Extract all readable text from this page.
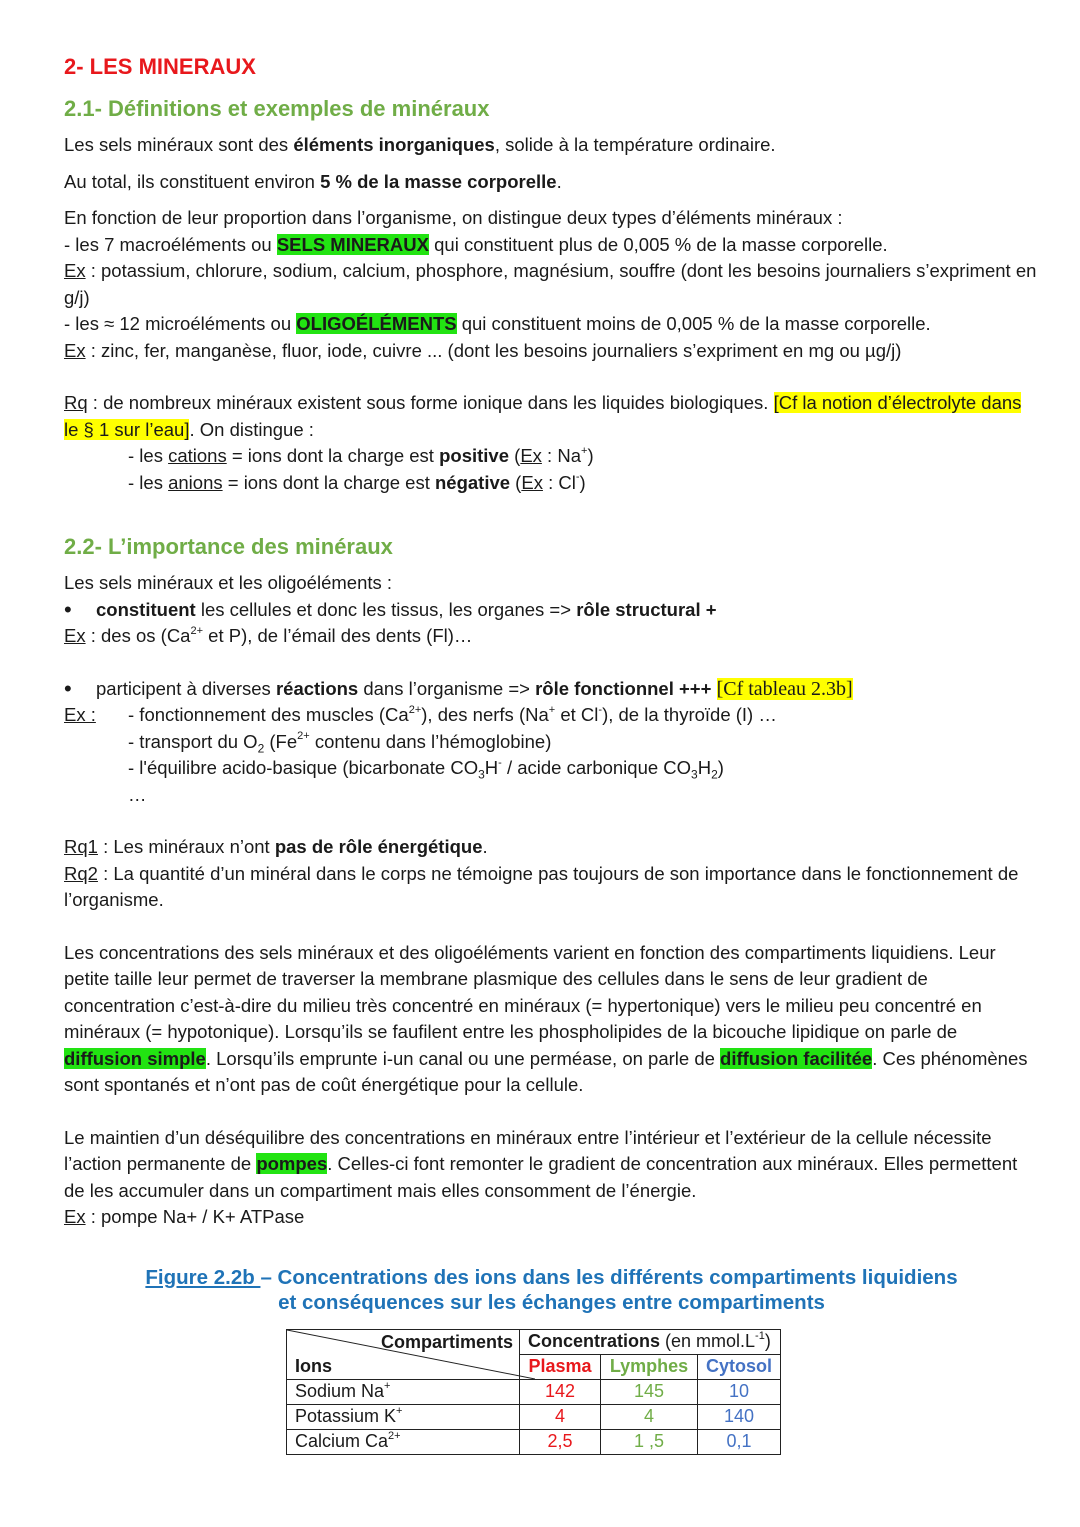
2- LES MINERAUX

2.1- Définitions et exemples de minéraux

Les sels minéraux sont des éléments inorganiques, solide à la température ordinaire.

Au total, ils constituent environ 5 % de la masse corporelle.

En fonction de leur proportion dans l’organisme, on distingue deux types d’éléments minéraux :

- les 7 macroéléments ou SELS MINERAUX qui constituent plus de 0,005 % de la masse corporelle.

Ex : potassium, chlorure, sodium, calcium, phosphore, magnésium, souffre (dont les besoins journaliers s’expriment en g/j)

- les ≈ 12 microéléments ou OLIGOÉLÉMENTS qui constituent moins de 0,005 % de la masse corporelle.

Ex : zinc, fer, manganèse, fluor, iode, cuivre ... (dont les besoins journaliers s’expriment en mg ou µg/j)

Rq : de nombreux minéraux existent sous forme ionique dans les liquides biologiques. [Cf la notion d’électrolyte dans le § 1 sur l’eau]. On distingue :

- les cations = ions dont la charge est positive (Ex : Na+)

- les anions = ions dont la charge est négative (Ex : Cl-)

2.2- L’importance des minéraux

Les sels minéraux et les oligoéléments :

• constituent les cellules et donc les tissus, les organes => rôle structural +

Ex : des os ($Ca^{2+}$ et P), de l’émail des dents (Fl)…

• participent à diverses réactions dans l’organisme => rôle fonctionnel +++ [Cf tableau 2.3b]

Ex :	- fonctionnement des muscles $(Ca^{2+})$, des nerfs (Na+ et Cl-), de la thyroïde (I) …

- transport du $O_2$ ($Fe^{2+}$ contenu dans l’hémoglobine)

- l'équilibre acido-basique (bicarbonate $CO_3H^-$ / acide carbonique $CO_3H_2$)

…

Rq1 : Les minéraux n’ont pas de rôle énergétique.

Rq2 : La quantité d’un minéral dans le corps ne témoigne pas toujours de son importance dans le fonctionnement de l’organisme.

Les concentrations des sels minéraux et des oligoéléments varient en fonction des compartiments liquidiens. Leur petite taille leur permet de traverser la membrane plasmique des cellules dans le sens de leur gradient de concentration c’est-à-dire du milieu très concentré en minéraux (= hypertonique) vers le milieu peu concentré en minéraux (= hypotonique). Lorsqu’ils se faufilent entre les phospholipides de la bicouche lipidique on parle de diffusion simple. Lorsqu’ils emprunte i-un canal ou une perméase, on parle de diffusion facilitée. Ces phénomènes sont spontanés et n’ont pas de coût énergétique pour la cellule.

Le maintien d’un déséquilibre des concentrations en minéraux entre l’intérieur et l’extérieur de la cellule nécessite l’action permanente de pompes. Celles-ci font remonter le gradient de concentration aux minéraux. Elles permettent de les accumuler dans un compartiment mais elles consomment de l’énergie.

Ex : pompe Na+ / K+ ATPase

Figure 2.2b – Concentrations des ions dans les différents compartiments liquidiens
et conséquences sur les échanges entre compartiments
Compartiments
Ions	Concentrations (en $mmol.L^{-1}$)		
	Plasma	Lymphes	Cytosol
Sodium Na+	142	145	10
Potassium K+	4	4	140
Calcium $Ca^{2+}$	2,5	1 ,5	0,1
